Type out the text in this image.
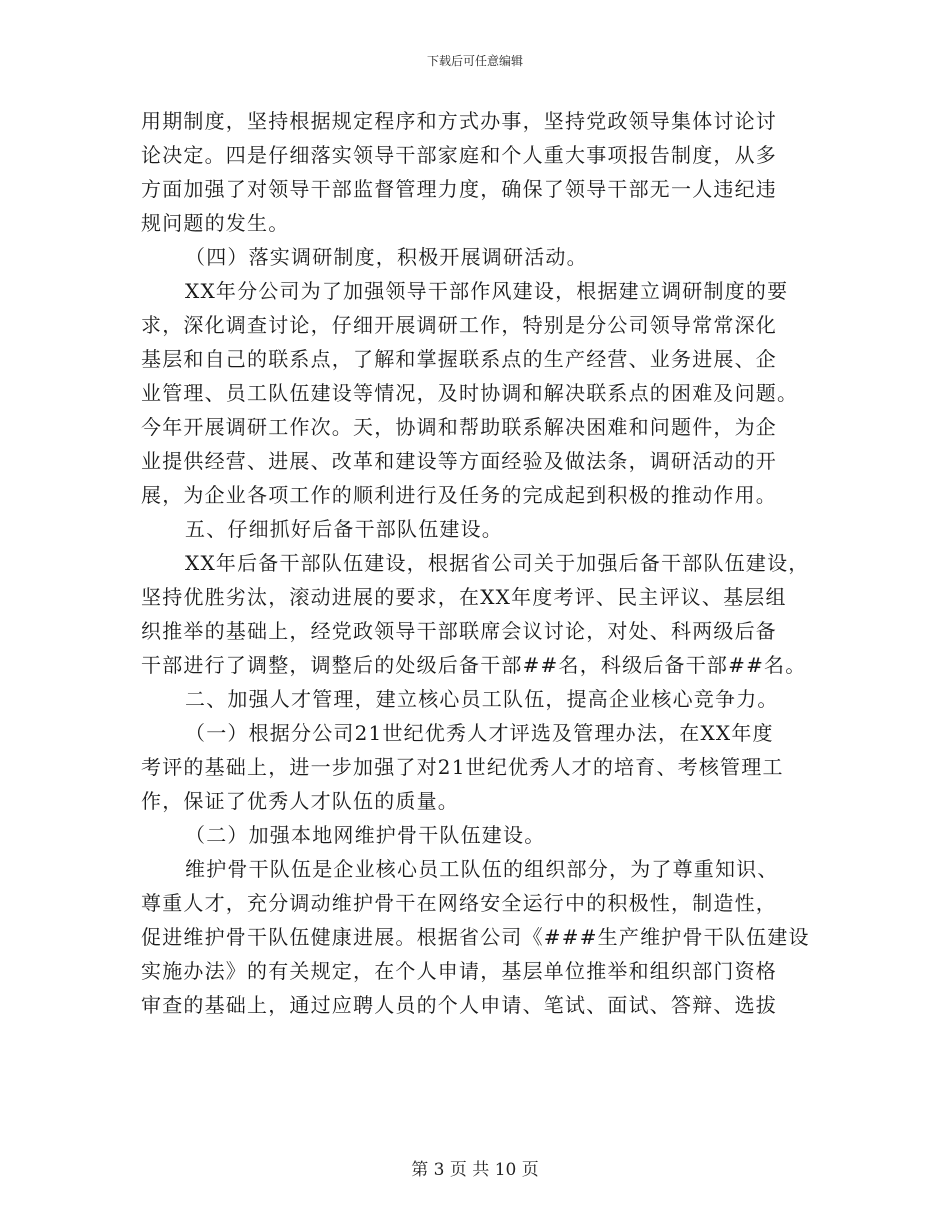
下载后可任意编辑
用期制度，坚持根据规定程序和方式办事，坚持党政领导集体讨论讨
论决定。四是仔细落实领导干部家庭和个人重大事项报告制度，从多
方面加强了对领导干部监督管理力度，确保了领导干部无一人违纪违
规问题的发生。
（四）落实调研制度，积极开展调研活动。
XX年分公司为了加强领导干部作风建设，根据建立调研制度的要
求，深化调查讨论，仔细开展调研工作，特别是分公司领导常常深化
基层和自己的联系点，了解和掌握联系点的生产经营、业务进展、企
业管理、员工队伍建设等情况，及时协调和解决联系点的困难及问题。
今年开展调研工作次。天，协调和帮助联系解决困难和问题件，为企
业提供经营、进展、改革和建设等方面经验及做法条，调研活动的开
展，为企业各项工作的顺利进行及任务的完成起到积极的推动作用。
五、仔细抓好后备干部队伍建设。
XX年后备干部队伍建设，根据省公司关于加强后备干部队伍建设，
坚持优胜劣汰，滚动进展的要求，在XX年度考评、民主评议、基层组
织推举的基础上，经党政领导干部联席会议讨论，对处、科两级后备
干部进行了调整，调整后的处级后备干部##名，科级后备干部##名。
二、加强人才管理，建立核心员工队伍，提高企业核心竞争力。
（一）根据分公司21世纪优秀人才评选及管理办法，在XX年度
考评的基础上，进一步加强了对21世纪优秀人才的培育、考核管理工
作，保证了优秀人才队伍的质量。
（二）加强本地网维护骨干队伍建设。
维护骨干队伍是企业核心员工队伍的组织部分，为了尊重知识、
尊重人才，充分调动维护骨干在网络安全运行中的积极性，制造性，
促进维护骨干队伍健康进展。根据省公司《###生产维护骨干队伍建设
实施办法》的有关规定，在个人申请，基层单位推举和组织部门资格
审查的基础上，通过应聘人员的个人申请、笔试、面试、答辩、选拔
第 3 页 共 10 页
